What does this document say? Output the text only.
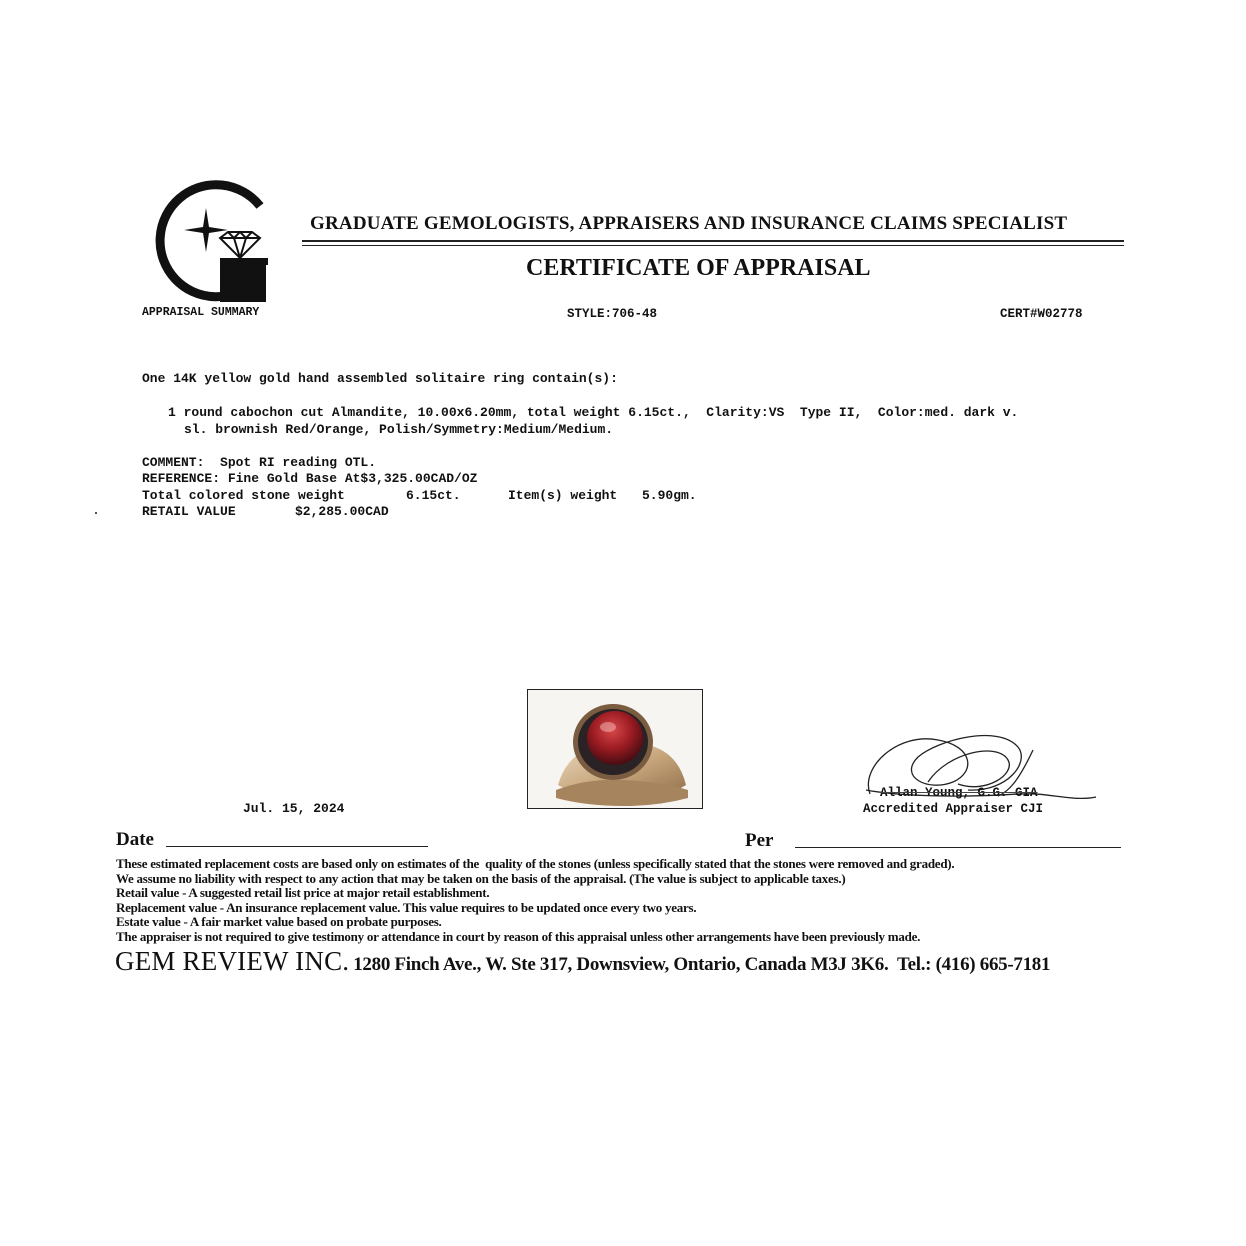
GRADUATE GEMOLOGISTS, APPRAISERS AND INSURANCE CLAIMS SPECIALIST
CERTIFICATE OF APPRAISAL
APPRAISAL SUMMARY	STYLE:706-48	CERT#W02778
One 14K yellow gold hand assembled solitaire ring contain(s):
1 round cabochon cut Almandite, 10.00x6.20mm, total weight 6.15ct.,  Clarity:VS  Type II,  Color:med. dark v.
sl. brownish Red/Orange, Polish/Symmetry:Medium/Medium.
COMMENT:  Spot RI reading OTL.
REFERENCE: Fine Gold Base At$3,325.00CAD/OZ
Total colored stone weight	6.15ct.	Item(s) weight 5.90gm.
RETAIL VALUE	$2,285.00CAD
Jul. 15, 2024
Allan Young, G.G. GIA
Accredited Appraiser CJI
Date	Per
These estimated replacement costs are based only on estimates of the  quality of the stones (unless specifically stated that the stones were removed and graded).
We assume no liability with respect to any action that may be taken on the basis of the appraisal. (The value is subject to applicable taxes.)
Retail value - A suggested retail list price at major retail establishment.
Replacement value - An insurance replacement value. This value requires to be updated once every two years.
Estate value - A fair market value based on probate purposes.
The appraiser is not required to give testimony or attendance in court by reason of this appraisal unless other arrangements have been previously made.
GEM REVIEW INC. 1280 Finch Ave., W. Ste 317, Downsview, Ontario, Canada M3J 3K6.  Tel.: (416) 665-7181
